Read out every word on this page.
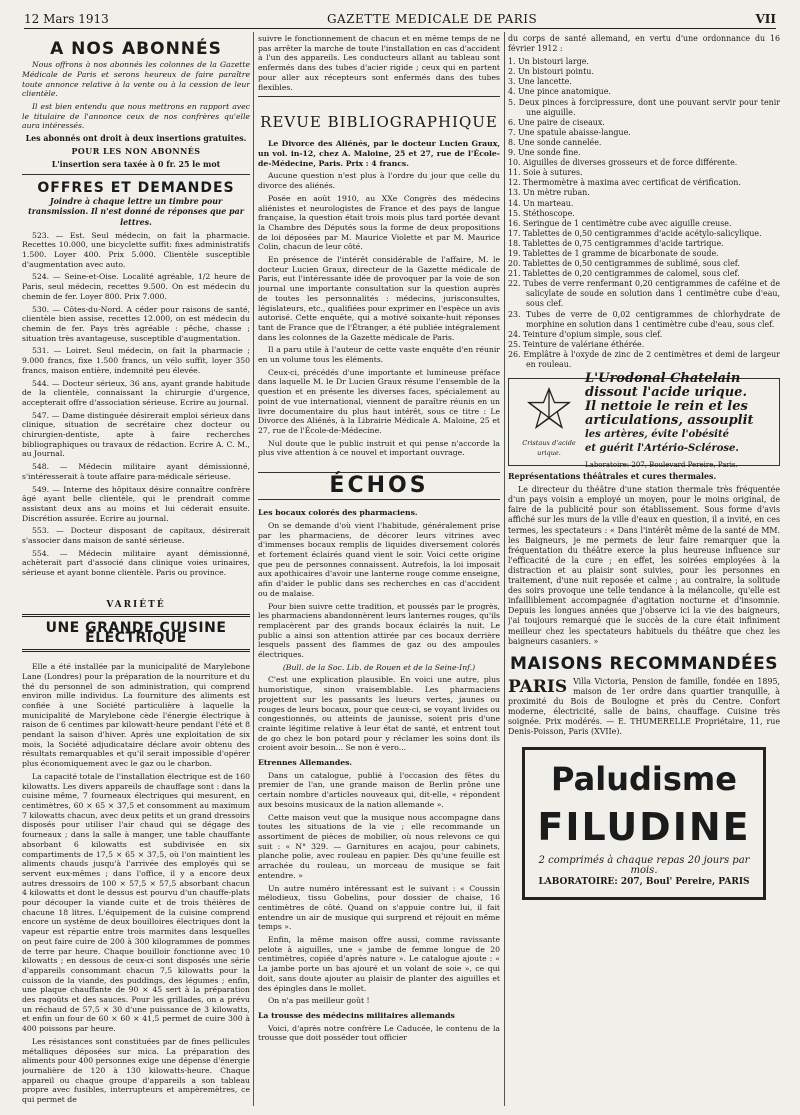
12 Mars 1913	GAZETTE MEDICALE DE PARIS	VII
A NOS ABONNÉS

Nous offrons à nos abonnés les colonnes de la Gazette Médicale de Paris et serons heureux de faire paraître toute annonce relative à la vente ou à la cession de leur clientèle.

Il est bien entendu que nous mettrons en rapport avec le titulaire de l'annonce ceux de nos confrères qu'elle aura intéressés.

Les abonnés ont droit à deux insertions gratuites.

POUR LES NON ABONNÉS

L'insertion sera taxée à 0 fr. 25 le mot

OFFRES ET DEMANDES

Joindre à chaque lettre un timbre pour transmission. Il n'est donné de réponses que par lettres.

523. — Est. Seul médecin, on fait la pharmacie. Recettes 10.000, une bicyclette suffit: fixes administratifs 1.500. Loyer 400. Prix 5.000. Clientèle susceptible d'augmentation avec auto.

524. — Seine-et-Oise. Localité agréable, 1/2 heure de Paris, seul médecin, recettes 9.500. On est médecin du chemin de fer. Loyer 800. Prix 7.000.

530. — Côtes-du-Nord. A céder pour raisons de santé, clientèle bien assise, recettes 12.000, on est médecin du chemin de fer. Pays très agréable : pêche, chasse ; situation très avantageuse, susceptible d'augmentation.

531. — Loiret. Seul médecin, on fait la pharmacie ; 9.000 francs, fixe 1.500 francs, un vélo suffit, loyer 350 francs, maison entière, indemnité peu élevée.

544. — Docteur sérieux, 36 ans, ayant grande habitude de la clientèle, connaissant la chirurgie d'urgence, accepterait offre d'association sérieuse. Ecrire au journal.

547. — Dame distinguée désirerait emploi sérieux dans clinique, situation de secrétaire chez docteur ou chirurgien-dentiste, apte à faire recherches bibliographiques ou travaux de rédaction. Ecrire A. C. M., au Journal.

548. — Médecin militaire ayant démissionné, s'intéresserait à toute affaire para-médicale sérieuse.

549. — Interne des hôpitaux désire connaître confrère âgé ayant belle clientèle, qui le prendrait comme assistant deux ans au moins et lui céderait ensuite. Discrétion assurée. Ecrire au journal.

553. — Docteur disposant de capitaux, désirerait s'associer dans maison de santé sérieuse.

554. — Médecin militaire ayant démissionné, achèterait part d'associé dans clinique voies urinaires, sérieuse et ayant bonne clientèle. Paris ou province.

VARIÉTÉ
UNE GRANDE CUISINE ÉLECTRIQUE

Elle a été installée par la municipalité de Marylebone Lane (Londres) pour la préparation de la nourriture et du thé du personnel de son administration, qui comprend environ mille individus. La fourniture des aliments est confiée à une Société particulière à laquelle la municipalité de Marylebone cède l'énergie électrique à raison de 6 centimes par kilowatt-heure pendant l'été et 8 pendant la saison d'hiver. Après une exploitation de six mois, la Société adjudicataire déclare avoir obtenu des résultats remarquables et qu'il serait impossible d'opérer plus économiquement avec le gaz ou le charbon.

La capacité totale de l'installation électrique est de 160 kilowatts. Les divers appareils de chauffage sont : dans la cuisine même, 7 fourneaux électriques qui mesurent, en centimètres, 60 × 65 × 37,5 et consomment au maximum 7 kilowatts chacun, avec deux petits et un grand dressoirs disposés pour utiliser l'air chaud qui se dégage des fourneaux ; dans la salle à manger, une table chauffante absorbant 6 kilowatts est subdivisée en six compartiments de 17,5 × 65 × 37,5, où l'on maintient les aliments chauds jusqu'à l'arrivée des employés qui se servent eux-mêmes ; dans l'office, il y a encore deux autres dressoirs de 100 × 57,5 × 57,5 absorbant chacun 4 kilowatts et dont le dessus est pourvu d'un chauffe-plats pour découper la viande cuite et de trois théières de chacune 18 litres. L'équipement de la cuisine comprend encore un système de deux bouilloires électriques dont la vapeur est répartie entre trois marmites dans lesquelles on peut faire cuire de 200 à 300 kilogrammes de pommes de terre par heure. Chaque bouilloir fonctionne avec 10 kilowatts ; en dessous de ceux-ci sont disposés une série d'appareils consommant chacun 7,5 kilowatts pour la cuisson de la viande, des puddings, des légumes ; enfin, une plaque chauffante de 90 × 45 sert à la préparation des ragoûts et des sauces. Pour les grillades, on a prévu un réchaud de 57,5 × 30 d'une puissance de 3 kilowatts, et enfin un four de 60 × 60 × 41,5 permet de cuire 300 à 400 poissons par heure.

Les résistances sont constituées par de fines pellicules métalliques déposées sur mica. La préparation des aliments pour 400 personnes exige une dépense d'énergie journalière de 120 à 130 kilowatts-heure. Chaque appareil ou chaque groupe d'appareils a son tableau propre avec fusibles, interrupteurs et ampèremètres, ce qui permet de

suivre le fonctionnement de chacun et en même temps de ne pas arrêter la marche de toute l'installation en cas d'accident à l'un des appareils. Les conducteurs allant au tableau sont enfermés dans des tubes d'acier rigide ; ceux qui en partent pour aller aux récepteurs sont enfermés dans des tubes flexibles.

REVUE BIBLIOGRAPHIQUE

Le Divorce des Aliénés, par le docteur Lucien Graux, un vol. in-12, chez A. Maloine, 25 et 27, rue de l'École-de-Médecine, Paris. Prix : 4 francs.

Aucune question n'est plus à l'ordre du jour que celle du divorce des aliénés.

Posée en août 1910, au XXe Congrès des médecins aliénistes et neurologistes de France et des pays de langue française, la question était trois mois plus tard portée devant la Chambre des Députés sous la forme de deux propositions de loi déposées par M. Maurice Violette et par M. Maurice Colin, chacun de leur côté.

En présence de l'intérêt considérable de l'affaire, M. le docteur Lucien Graux, directeur de la Gazette médicale de Paris, eut l'intéressante idée de provoquer par la voie de son journal une importante consultation sur la question auprès de toutes les personnalités : médecins, jurisconsultes, législateurs, etc., qualifiées pour exprimer en l'espèce un avis autorisé. Cette enquête, qui a motivé soixante-huit réponses tant de France que de l'Étranger, a été publiée intégralement dans les colonnes de la Gazette médicale de Paris.

Il a paru utile à l'auteur de cette vaste enquête d'en réunir en un volume tous les éléments.

Ceux-ci, précédés d'une importante et lumineuse préface dans laquelle M. le Dr Lucien Graux résume l'ensemble de la question et en présente les diverses faces, spécialement au point de vue international, viennent de paraître réunis en un livre documentaire du plus haut intérêt, sous ce titre : Le Divorce des Aliénés, à la Librairie Médicale A. Maloine, 25 et 27, rue de l'École-de-Médecine.

Nul doute que le public instruit et qui pense n'accorde la plus vive attention à ce nouvel et important ouvrage.

ÉCHOS

Les bocaux colorés des pharmaciens.

On se demande d'où vient l'habitude, généralement prise par les pharmaciens, de décorer leurs vitrines avec d'immenses bocaux remplis de liquides diversement colorés et fortement éclairés quand vient le soir. Voici cette origine que peu de personnes connaissent. Autrefois, la loi imposait aux apothicaires d'avoir une lanterne rouge comme enseigne, afin d'aider le public dans ses recherches en cas d'accident ou de malaise.

Pour bien suivre cette tradition, et poussés par le progrès, les pharmaciens abandonnèrent leurs lanternes rouges, qu'ils remplacèrent par des grands bocaux éclairés la nuit. Le public a ainsi son attention attirée par ces bocaux derrière lesquels passent des flammes de gaz ou des ampoules électriques.

(Bull. de la Soc. Lib. de Rouen et de la Seine-Inf.)

C'est une explication plausible. En voici une autre, plus humoristique, sinon vraisemblable. Les pharmaciens projettent sur les passants les lueurs vertes, jaunes ou rouges de leurs bocaux, pour que ceux-ci, se voyant livides ou congestionnés, ou atteints de jaunisse, soient pris d'une crainte légitime relative à leur état de santé, et entrent tout de go chez le bon potard pour y réclamer les soins dont ils croient avoir besoin... Se non è vero...

Etrennes Allemandes.

Dans un catalogue, publié à l'occasion des fêtes du premier de l'an, une grande maison de Berlin prône une certain nombre d'articles nouveaux qui, dit-elle, « répondent aux besoins musicaux de la nation allemande ».

Cette maison veut que la musique nous accompagne dans toutes les situations de la vie ; elle recommande un assortiment de pièces de mobilier, où nous relevons ce qui suit : « N° 329. — Garnitures en acajou, pour cabinets, planche polie, avec rouleau en papier. Dès qu'une feuille est arrachée du rouleau, un morceau de musique se fait entendre. »

Un autre numéro intéressant est le suivant : « Coussin mélodieux, tissu Gobelins, pour dossier de chaise, 16 centimètres de côté. Quand on s'appuie contre lui, il fait entendre un air de musique qui surprend et réjouit en même temps ».

Enfin, la même maison offre aussi, comme ravissante pelote à aiguilles, une « jambe de femme longue de 20 centimètres, copiée d'après nature ». Le catalogue ajoute : « La jambe porte un bas ajouré et un volant de soie », ce qui doit, sans doute ajouter au plaisir de planter des aiguilles et des épingles dans le mollet.

On n'a pas meilleur goût !

La trousse des médecins militaires allemands

Voici, d'après notre confrère Le Caducée, le contenu de la trousse que doit posséder tout officier

du corps de santé allemand, en vertu d'une ordonnance du 16 février 1912 :

1. Un bistouri large.
2. Un bistouri pointu.
3. Une lancette.
4. Une pince anatomique.
5. Deux pinces à forcipressure, dont une pouvant servir pour tenir une aiguille.
6. Une paire de ciseaux.
7. Une spatule abaisse-langue.
8. Une sonde cannelée.
9. Une sonde fine.
10. Aiguilles de diverses grosseurs et de force différente.
11. Soie à sutures.
12. Thermomètre à maxima avec certificat de vérification.
13. Un mètre ruban.
14. Un marteau.
15. Stéthoscope.
16. Seringue de 1 centimètre cube avec aiguille creuse.
17. Tablettes de 0,50 centigrammes d'acide acétylo-salicylique.
18. Tablettes de 0,75 centigrammes d'acide tartrique.
19. Tablettes de 1 gramme de bicarbonate de soude.
20. Tablettes de 0,50 centigrammes de sublimé, sous clef.
21. Tablettes de 0,20 centigrammes de calomel, sous clef.
22. Tubes de verre renfermant 0,20 centigrammes de caféine et de salicylate de soude en solution dans 1 centimètre cube d'eau, sous clef.
23. Tubes de verre de 0,02 centigrammes de chlorhydrate de morphine en solution dans 1 centimètre cube d'eau, sous clef.
24. Teinture d'opium simple, sous clef.
25. Teinture de valériane éthérée.
26. Emplâtre à l'oxyde de zinc de 2 centimètres et demi de largeur en rouleau.
Cristaux d'acide urique.
L'Urodonal Chatelain
dissout l'acide urique.
Il nettoie le rein et les
articulations, assouplit
les artères, évite l'obésité
et guérit l'Artério-Sclérose.
Laboratoire: 207, Boulevard Pereire, Paris.

Représentations théâtrales et cures thermales.

Le directeur du théâtre d'une station thermale très fréquentée d'un pays voisin a employé un moyen, pour le moins original, de faire de la publicité pour son établissement. Sous forme d'avis affiché sur les murs de la ville d'eaux en question, il a invité, en ces termes, les spectateurs : « Dans l'intérêt même de la santé de MM. les Baigneurs, je me permets de leur faire remarquer que la fréquentation du théâtre exerce la plus heureuse influence sur l'efficacité de la cure ; en effet, les soirées employées à la distraction et au plaisir sont suivies, pour les personnes en traitement, d'une nuit reposée et calme ; au contraire, la solitude des soirs provoque une telle tendance à la mélancolie, qu'elle est infailliblement accompagnée d'agitation nocturne et d'insomnie. Depuis les longues années que j'observe ici la vie des baigneurs, j'ai toujours remarqué que le succès de la cure était infiniment meilleur chez les spectateurs habituels du théâtre que chez les baigneurs casaniers. »

MAISONS RECOMMANDÉES
PARIS Villa Victoria, Pension de famille, fondée en 1895, maison de 1er ordre dans quartier tranquille, à proximité du Bois de Boulogne et près du Centre. Confort moderne, électricité, salle de bains, chauffage. Cuisine très soignée. Prix modérés. — E. THUMERELLE Propriétaire, 11, rue Denis-Poisson, Paris (XVIIe).

Paludisme
FILUDINE
2 comprimés à chaque repas 20 jours par mois.
LABORATOIRE: 207, Boul' Pereire, PARIS
